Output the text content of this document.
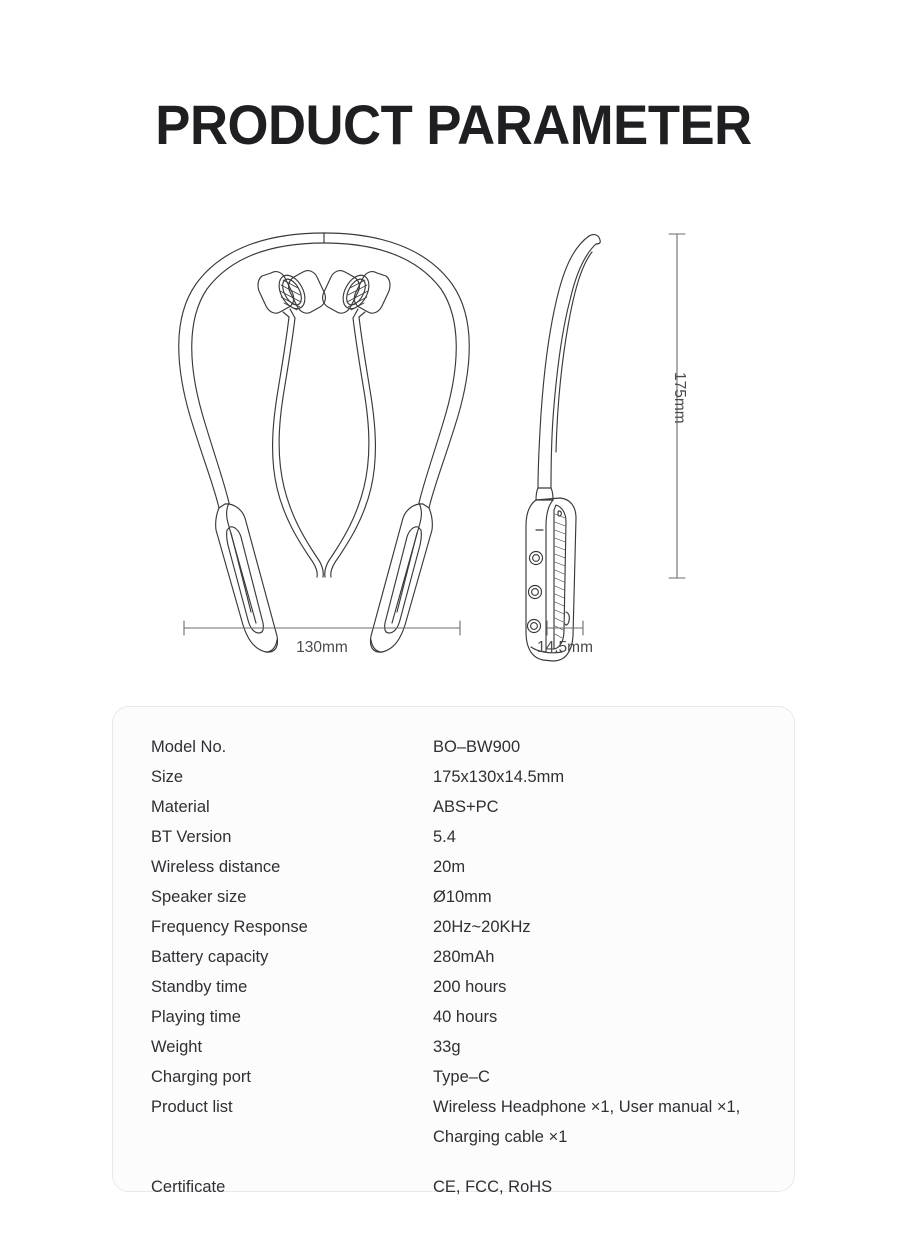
PRODUCT PARAMETER
130mm	14.5mm
175mm
Model No.	BO–BW900
Size	175x130x14.5mm
Material	ABS+PC
BT Version	5.4
Wireless distance	20m
Speaker size	Ø10mm
Frequency Response	20Hz~20KHz
Battery capacity	280mAh
Standby time	200 hours
Playing time	40 hours
Weight	33g
Charging port	Type–C
Product list	Wireless Headphone ×1, User manual ×1,
Charging cable ×1
Certificate	CE, FCC, RoHS
